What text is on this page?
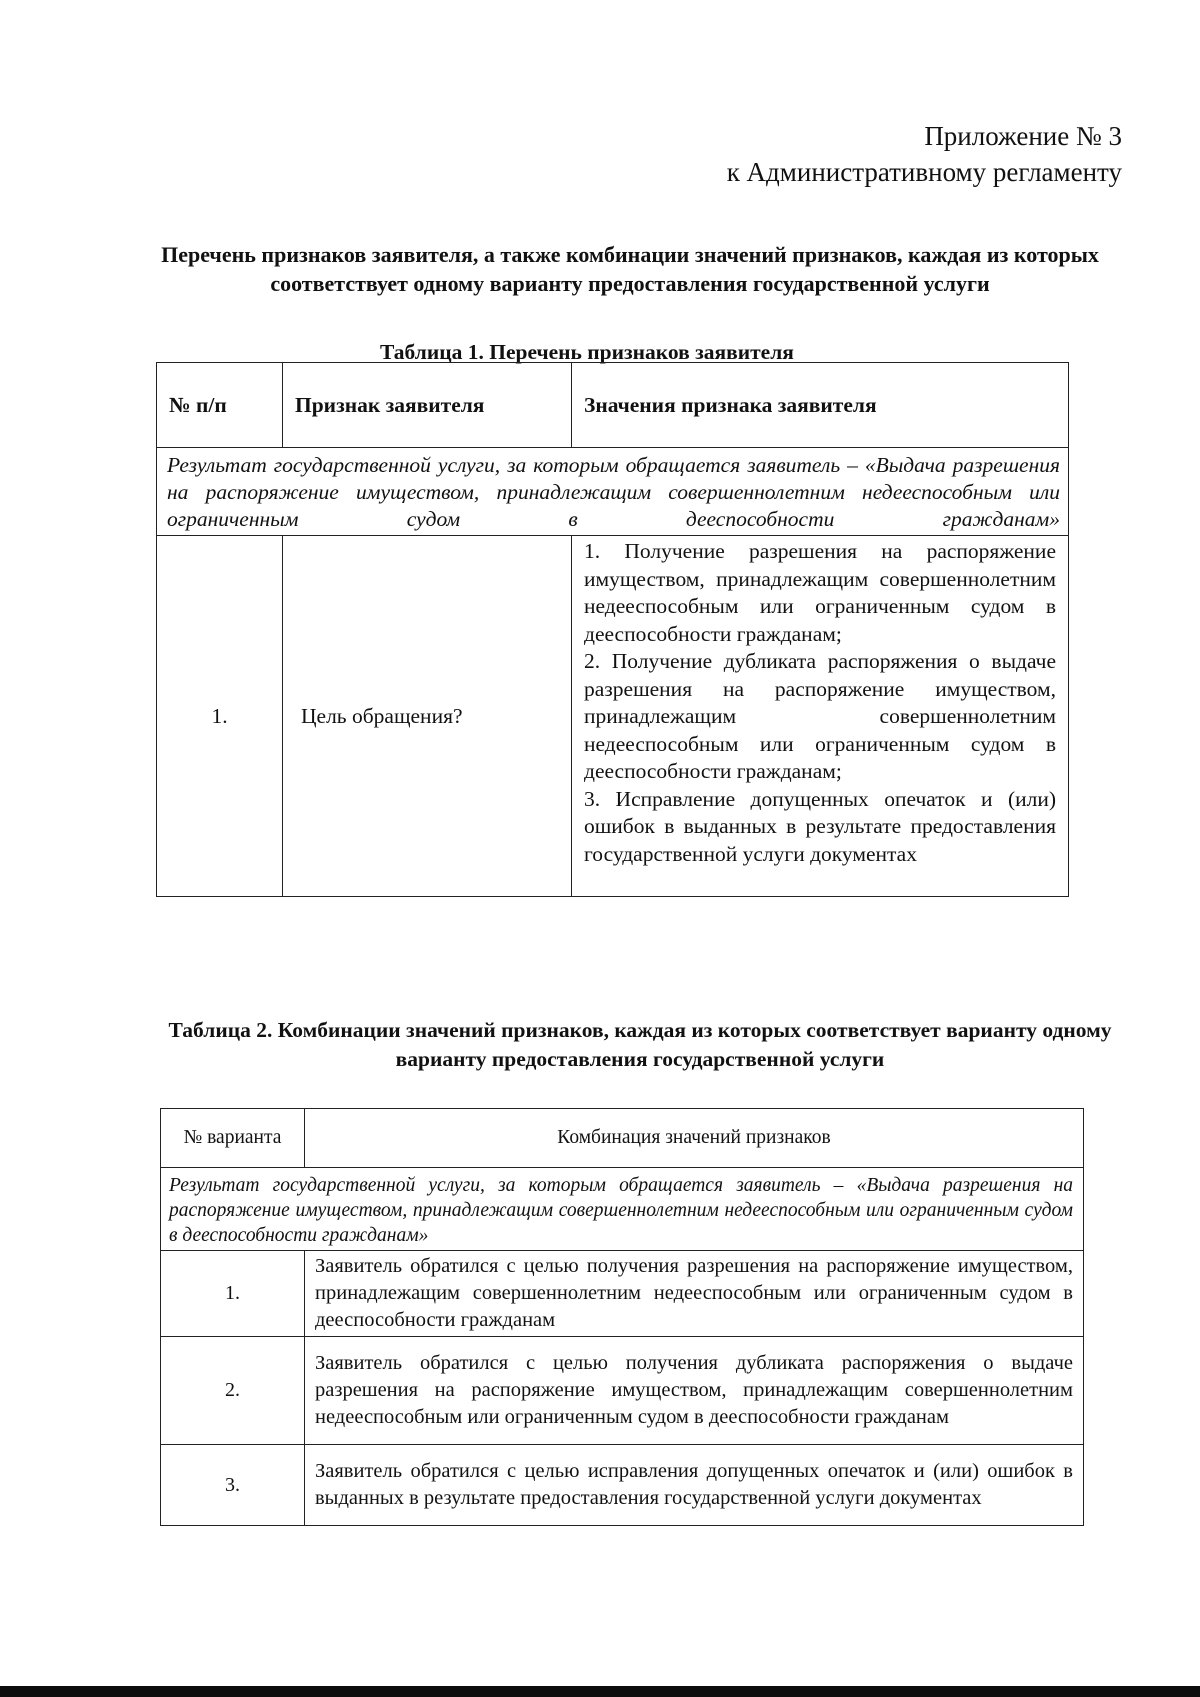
Приложение № 3
к Административному регламенту
Перечень признаков заявителя, а также комбинации значений признаков, каждая из которых соответствует одному варианту предоставления государственной услуги
Таблица 1. Перечень признаков заявителя
№ п/п	Признак заявителя	Значения признака заявителя
Результат государственной услуги, за которым обращается заявитель – «Выдача разрешения на распоряжение имуществом, принадлежащим совершеннолетним недееспособным или ограниченным судом в дееспособности гражданам»		
1.	Цель обращения?	1. Получение разрешения на распоряжение имуществом, принадлежащим совершеннолетним недееспособным или ограниченным судом в дееспособности гражданам;
2. Получение дубликата распоряжения о выдаче разрешения на распоряжение имуществом, принадлежащим совершеннолетним недееспособным или ограниченным судом в дееспособности гражданам;
3. Исправление допущенных опечаток и (или) ошибок в выданных в результате предоставления государственной услуги документах
Таблица 2. Комбинации значений признаков, каждая из которых соответствует варианту одному варианту предоставления государственной услуги
№ варианта	Комбинация значений признаков
Результат государственной услуги, за которым обращается заявитель – «Выдача разрешения на распоряжение имуществом, принадлежащим совершеннолетним недееспособным или ограниченным судом в дееспособности гражданам»	
1.	Заявитель обратился с целью получения разрешения на распоряжение имуществом, принадлежащим совершеннолетним недееспособным или ограниченным судом в дееспособности гражданам
2.	Заявитель обратился с целью получения дубликата распоряжения о выдаче разрешения на распоряжение имуществом, принадлежащим совершеннолетним недееспособным или ограниченным судом в дееспособности гражданам
3.	Заявитель обратился с целью исправления допущенных опечаток и (или) ошибок в выданных в результате предоставления государственной услуги документах
